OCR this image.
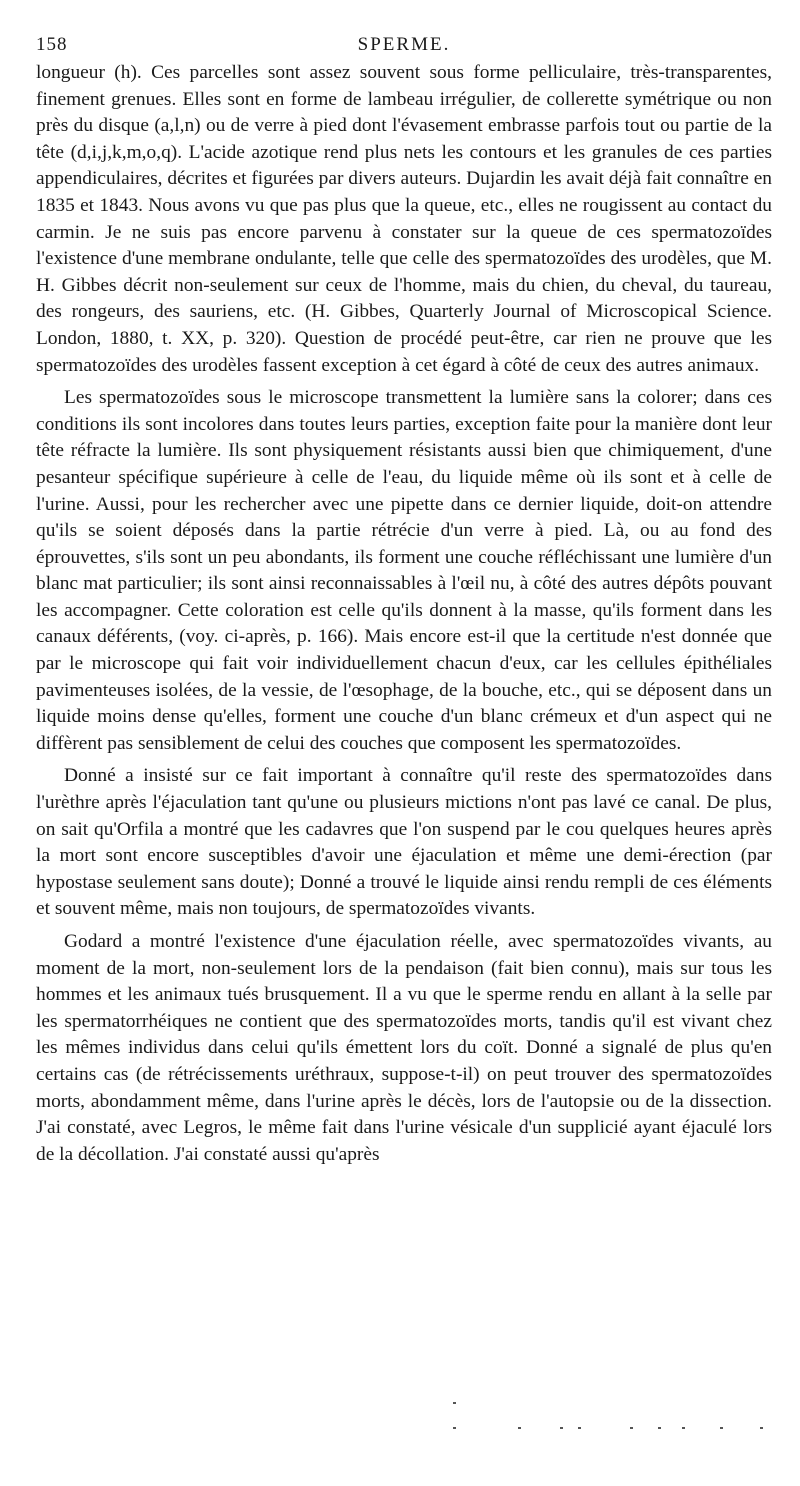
158	SPERME.

longueur (h). Ces parcelles sont assez souvent sous forme pelliculaire, très-transparentes, finement grenues. Elles sont en forme de lambeau irrégulier, de collerette symétrique ou non près du disque (a,l,n) ou de verre à pied dont l'évasement embrasse parfois tout ou partie de la tête (d,i,j,k,m,o,q). L'acide azotique rend plus nets les contours et les granules de ces parties appendiculaires, décrites et figurées par divers auteurs. Dujardin les avait déjà fait connaître en 1835 et 1843. Nous avons vu que pas plus que la queue, etc., elles ne rougissent au contact du carmin. Je ne suis pas encore parvenu à constater sur la queue de ces spermatozoïdes l'existence d'une membrane ondulante, telle que celle des spermatozoïdes des urodèles, que M. H. Gibbes décrit non-seulement sur ceux de l'homme, mais du chien, du cheval, du taureau, des rongeurs, des sauriens, etc. (H. Gibbes, Quarterly Journal of Microscopical Science. London, 1880, t. XX, p. 320). Question de procédé peut-être, car rien ne prouve que les spermatozoïdes des urodèles fassent exception à cet égard à côté de ceux des autres animaux.

Les spermatozoïdes sous le microscope transmettent la lumière sans la colorer; dans ces conditions ils sont incolores dans toutes leurs parties, exception faite pour la manière dont leur tête réfracte la lumière. Ils sont physiquement résistants aussi bien que chimiquement, d'une pesanteur spécifique supérieure à celle de l'eau, du liquide même où ils sont et à celle de l'urine. Aussi, pour les rechercher avec une pipette dans ce dernier liquide, doit-on attendre qu'ils se soient déposés dans la partie rétrécie d'un verre à pied. Là, ou au fond des éprouvettes, s'ils sont un peu abondants, ils forment une couche réfléchissant une lumière d'un blanc mat particulier; ils sont ainsi reconnaissables à l'œil nu, à côté des autres dépôts pouvant les accompagner. Cette coloration est celle qu'ils donnent à la masse, qu'ils forment dans les canaux déférents, (voy. ci-après, p. 166). Mais encore est-il que la certitude n'est donnée que par le microscope qui fait voir individuellement chacun d'eux, car les cellules épithéliales pavimenteuses isolées, de la vessie, de l'œsophage, de la bouche, etc., qui se déposent dans un liquide moins dense qu'elles, forment une couche d'un blanc crémeux et d'un aspect qui ne diffèrent pas sensiblement de celui des couches que composent les spermatozoïdes.

Donné a insisté sur ce fait important à connaître qu'il reste des spermatozoïdes dans l'urèthre après l'éjaculation tant qu'une ou plusieurs mictions n'ont pas lavé ce canal. De plus, on sait qu'Orfila a montré que les cadavres que l'on suspend par le cou quelques heures après la mort sont encore susceptibles d'avoir une éjaculation et même une demi-érection (par hypostase seulement sans doute); Donné a trouvé le liquide ainsi rendu rempli de ces éléments et souvent même, mais non toujours, de spermatozoïdes vivants.

Godard a montré l'existence d'une éjaculation réelle, avec spermatozoïdes vivants, au moment de la mort, non-seulement lors de la pendaison (fait bien connu), mais sur tous les hommes et les animaux tués brusquement. Il a vu que le sperme rendu en allant à la selle par les spermatorrhéiques ne contient que des spermatozoïdes morts, tandis qu'il est vivant chez les mêmes individus dans celui qu'ils émettent lors du coït. Donné a signalé de plus qu'en certains cas (de rétrécissements uréthraux, suppose-t-il) on peut trouver des spermatozoïdes morts, abondamment même, dans l'urine après le décès, lors de l'autopsie ou de la dissection. J'ai constaté, avec Legros, le même fait dans l'urine vésicale d'un supplicié ayant éjaculé lors de la décollation. J'ai constaté aussi qu'après
